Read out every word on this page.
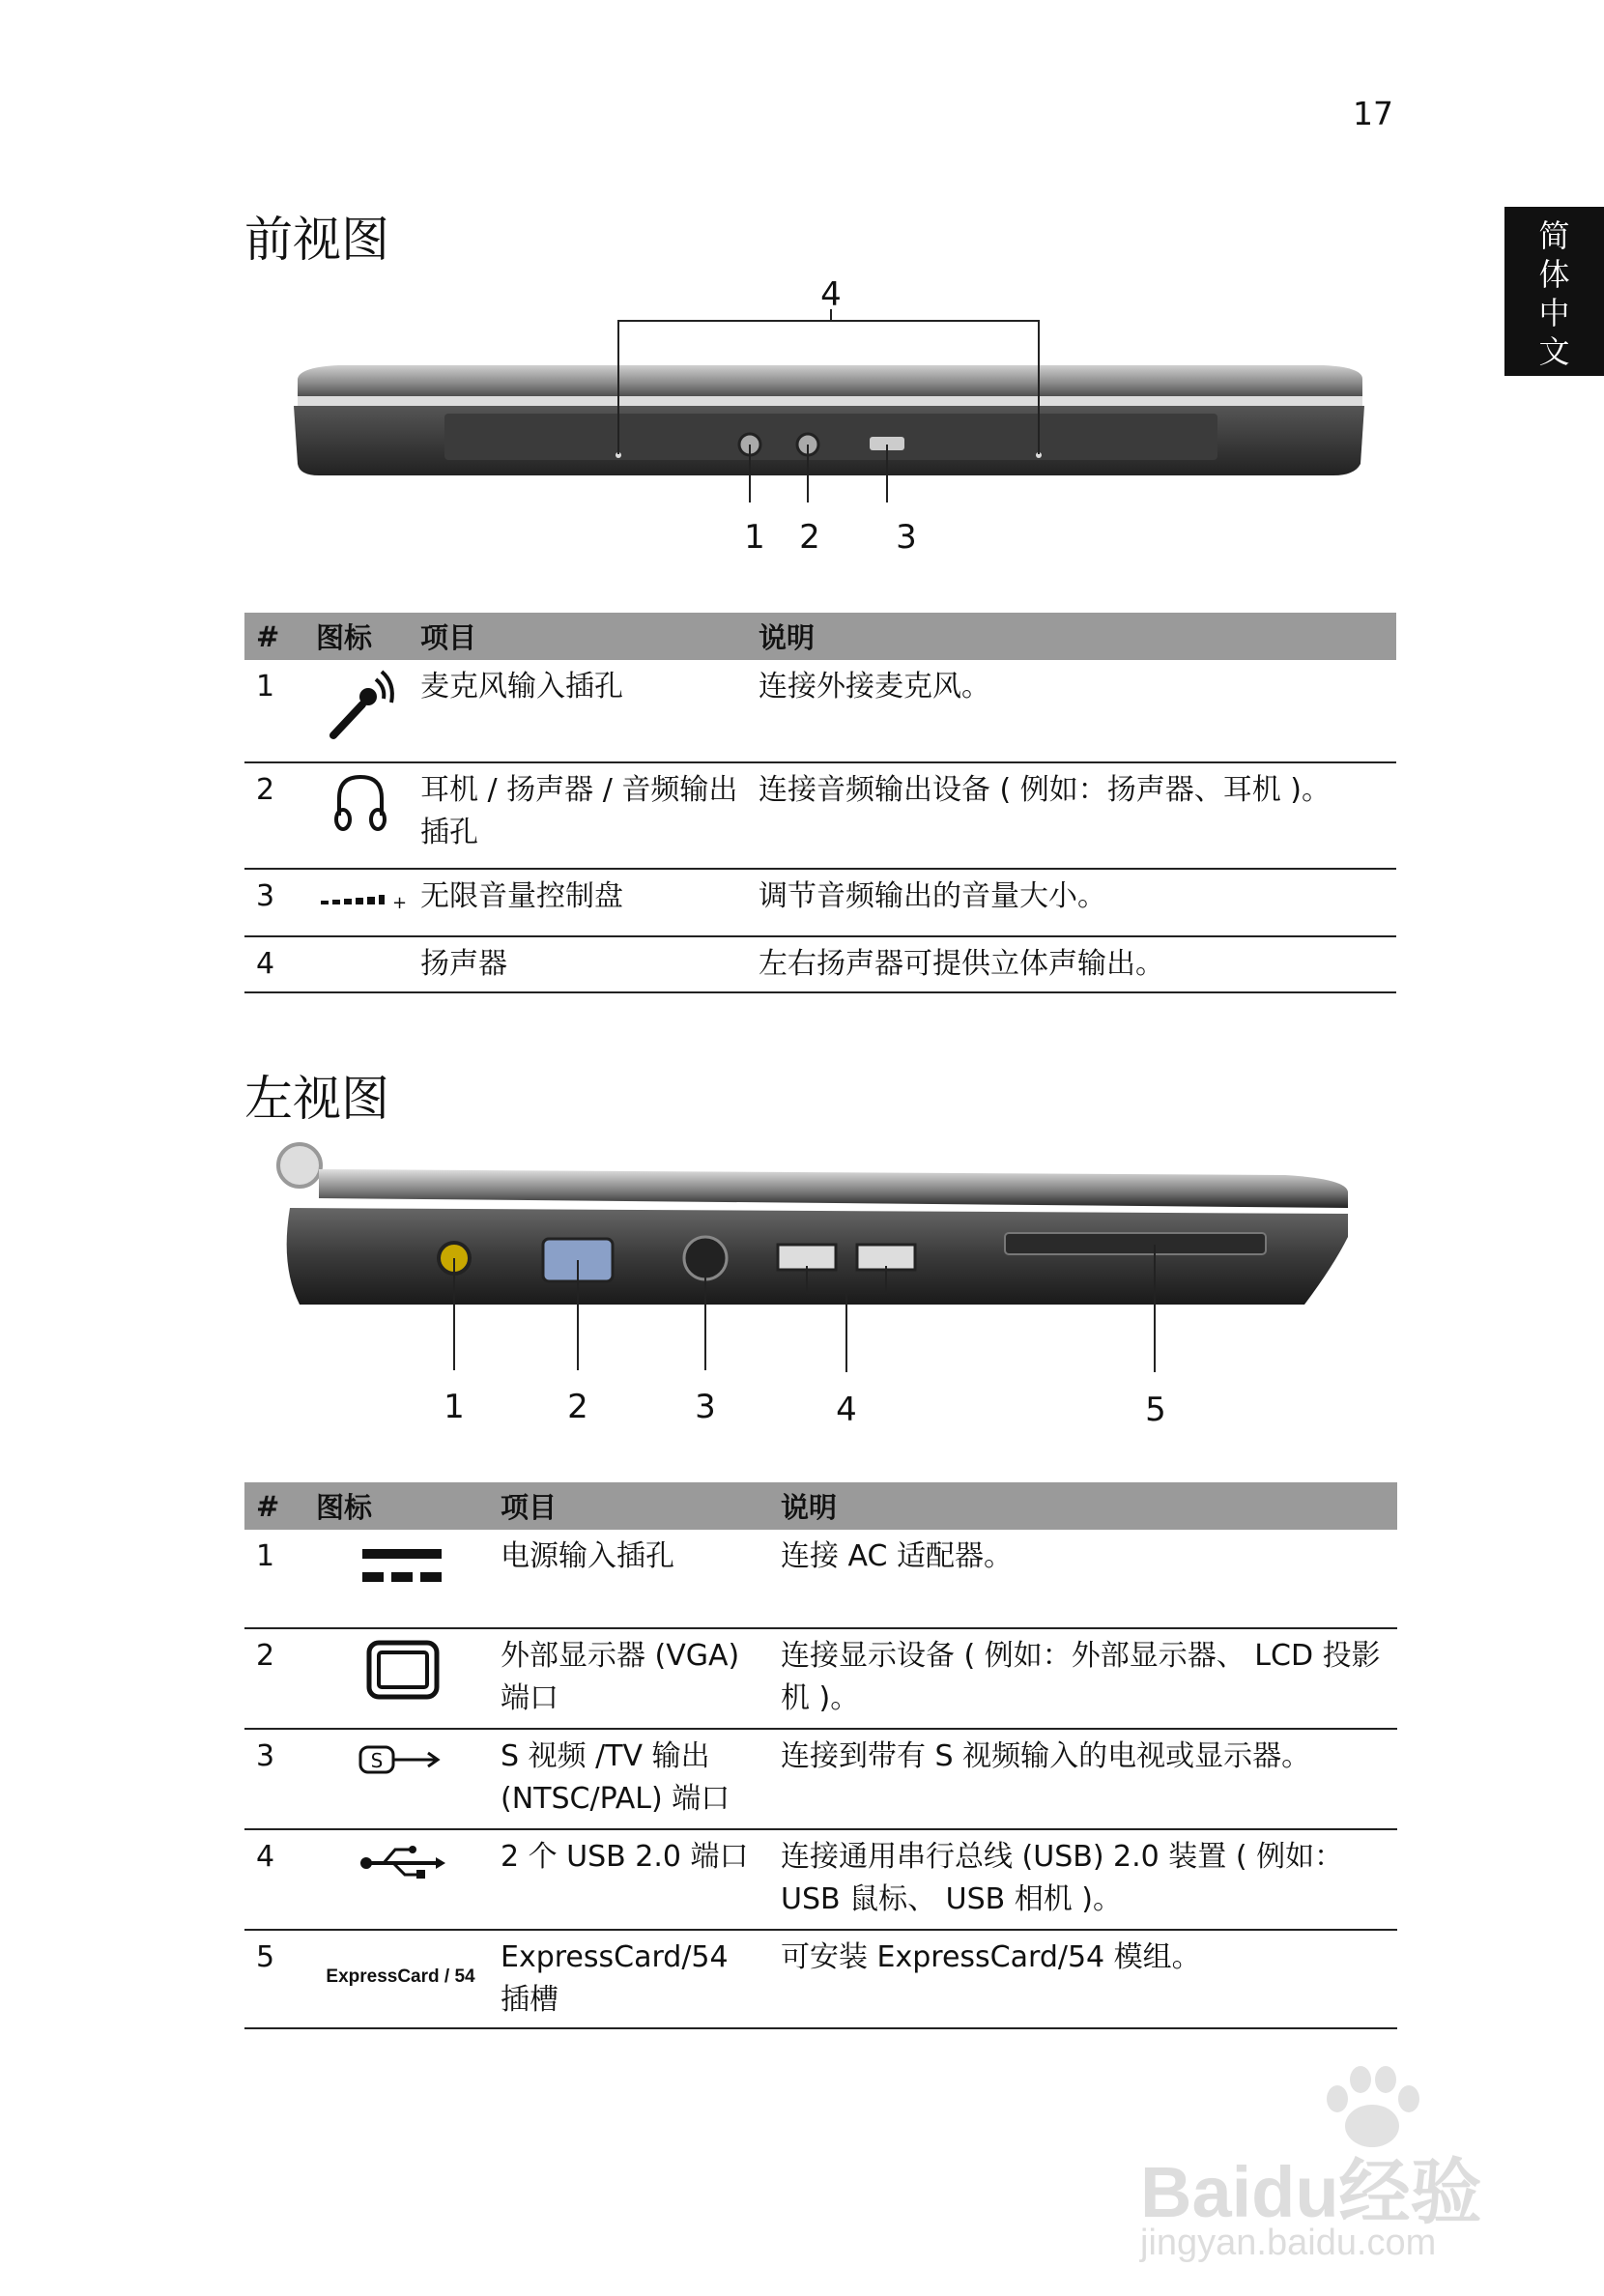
17
简
体
中
文
前视图
4
1 2 3
#	图标	项目	说明
1		麦克风输入插孔	连接外接麦克风。
2		耳机 / 扬声器 / 音频输出插孔	连接音频输出设备 ( 例如：扬声器、耳机 )。
3	+	无限音量控制盘	调节音频输出的音量大小。
4		扬声器	左右扬声器可提供立体声输出。
左视图
1	2	3	4	5
#	图标	项目	说明
1		电源输入插孔	连接 AC 适配器。
2		外部显示器 (VGA) 端口	连接显示设备 ( 例如：外部显示器、 LCD 投影机 )。
3	S	S 视频 /TV 输出 (NTSC/PAL) 端口	连接到带有 S 视频输入的电视或显示器。
4		2 个 USB 2.0 端口	连接通用串行总线 (USB) 2.0 装置 ( 例如：USB 鼠标、 USB 相机 )。
5	ExpressCard / 54	ExpressCard/54 插槽	可安装 ExpressCard/54 模组。
Baidu经验
jingyan.baidu.com
